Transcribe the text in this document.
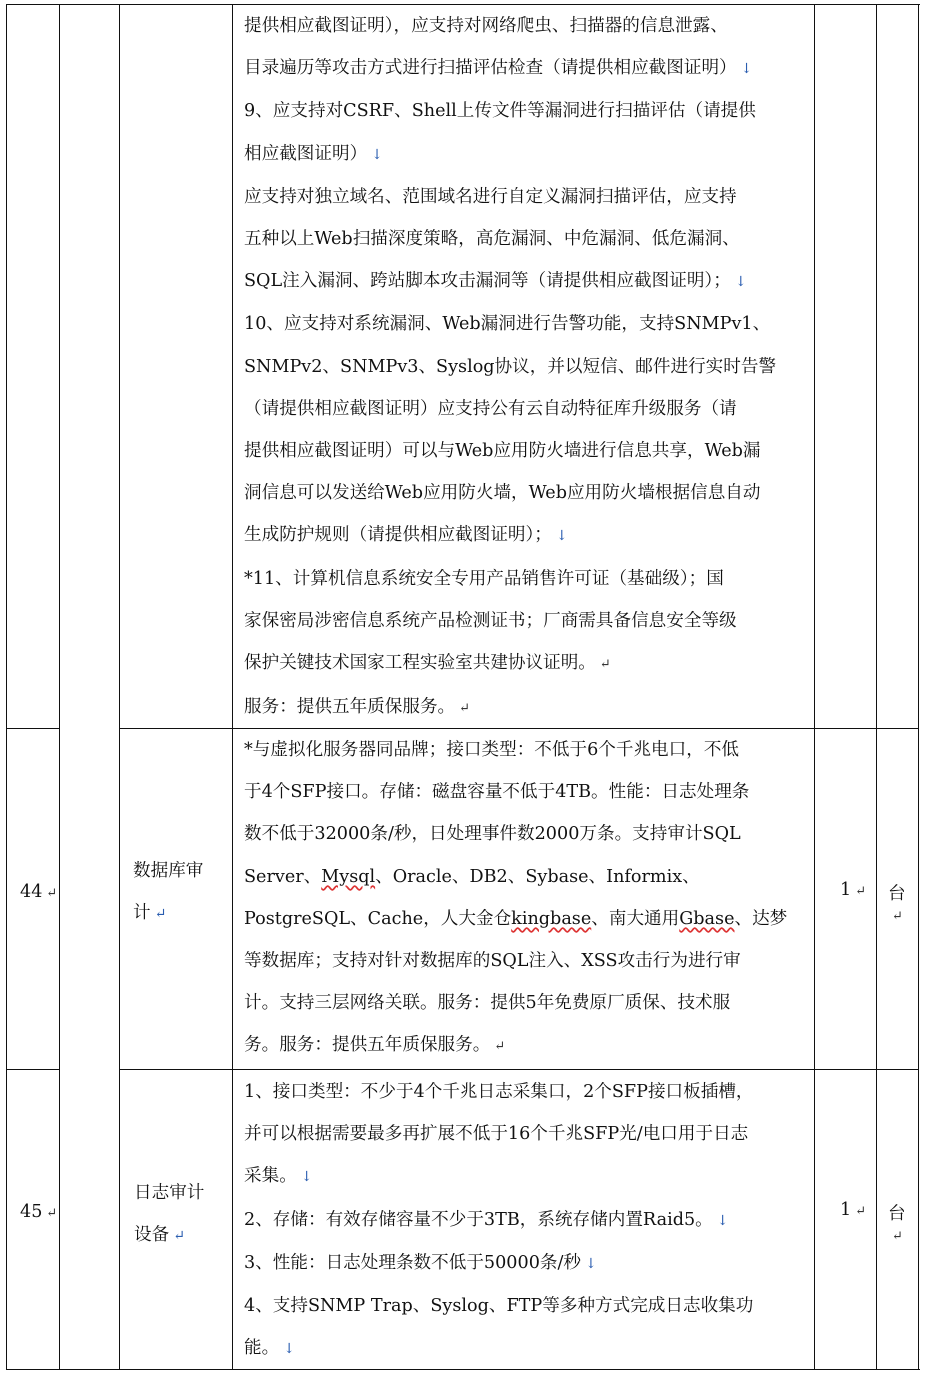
提供相应截图证明），应支持对网络爬虫、扫描器的信息泄露、
目录遍历等攻击方式进行扫描评估检查（请提供相应截图证明） ↓
9、应支持对CSRF、Shell上传文件等漏洞进行扫描评估（请提供
相应截图证明） ↓
应支持对独立域名、范围域名进行自定义漏洞扫描评估，应支持
五种以上Web扫描深度策略，高危漏洞、中危漏洞、低危漏洞、
SQL注入漏洞、跨站脚本攻击漏洞等（请提供相应截图证明）； ↓
10、应支持对系统漏洞、Web漏洞进行告警功能，支持SNMPv1、
SNMPv2、SNMPv3、Syslog协议，并以短信、邮件进行实时告警
（请提供相应截图证明）应支持公有云自动特征库升级服务（请
提供相应截图证明）可以与Web应用防火墙进行信息共享，Web漏
洞信息可以发送给Web应用防火墙，Web应用防火墙根据信息自动
生成防护规则（请提供相应截图证明）； ↓
*11、计算机信息系统安全专用产品销售许可证（基础级）；国
家保密局涉密信息系统产品检测证书；厂商需具备信息安全等级
保护关键技术国家工程实验室共建协议证明。 ↵
服务：提供五年质保服务。 ↵
44 ↵
数据库审
计 ↵
*与虚拟化服务器同品牌；接口类型：不低于6个千兆电口，不低
于4个SFP接口。存储：磁盘容量不低于4TB。性能：日志处理条
数不低于32000条/秒，日处理事件数2000万条。支持审计SQL
Server、Mysql、Oracle、DB2、Sybase、Informix、
PostgreSQL、Cache，人大金仓kingbase、南大通用Gbase、达梦
等数据库；支持对针对数据库的SQL注入、XSS攻击行为进行审
计。支持三层网络关联。服务：提供5年免费原厂质保、技术服
务。服务：提供五年质保服务。 ↵
1 ↵ 台↵
45 ↵
日志审计
设备 ↵
1、接口类型：不少于4个千兆日志采集口，2个SFP接口板插槽，
并可以根据需要最多再扩展不低于16个千兆SFP光/电口用于日志
采集。 ↓
2、存储：有效存储容量不少于3TB，系统存储内置Raid5。 ↓
3、性能：日志处理条数不低于50000条/秒 ↓
4、支持SNMP Trap、Syslog、FTP等多种方式完成日志收集功
能。 ↓
1 ↵ 台↵
